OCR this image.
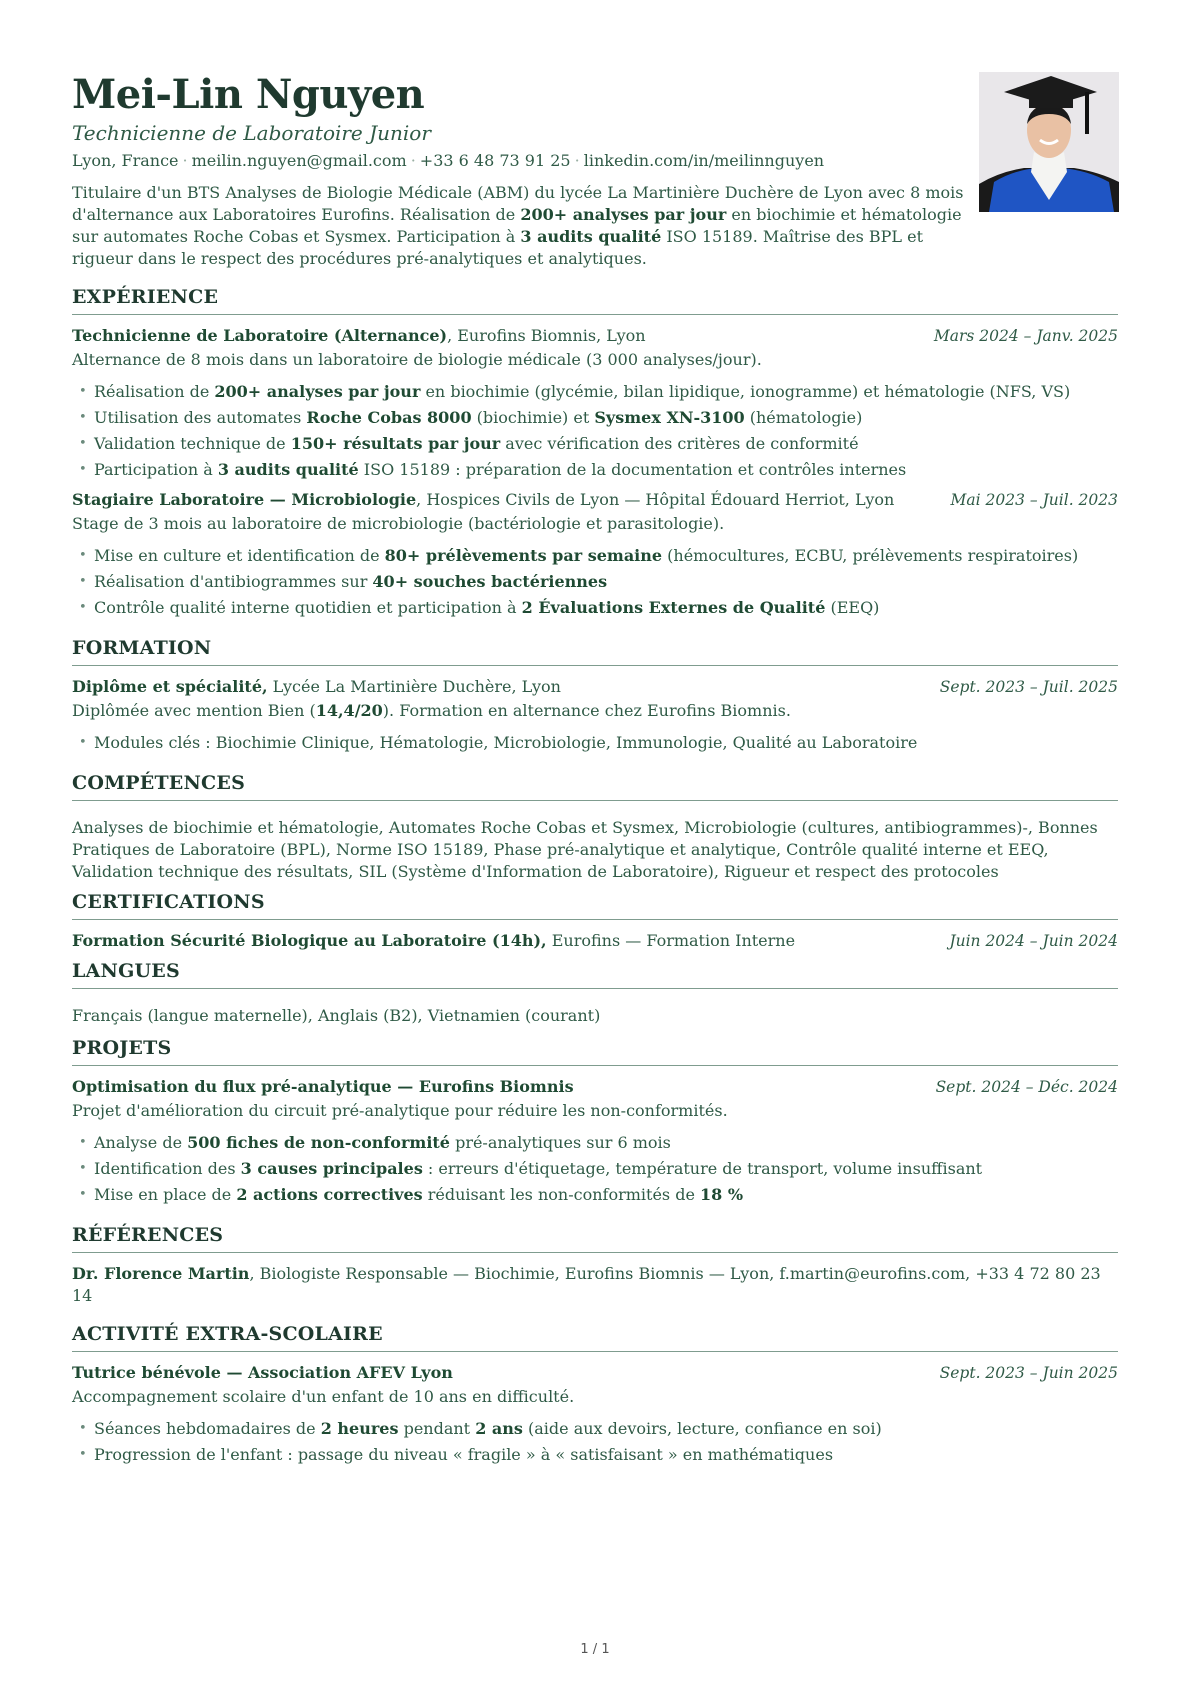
Mei-Lin Nguyen
Technicienne de Laboratoire Junior
Lyon, France · meilin.nguyen@gmail.com · +33 6 48 73 91 25 · linkedin.com/in/meilinnguyen
Titulaire d'un BTS Analyses de Biologie Médicale (ABM) du lycée La Martinière Duchère de Lyon avec 8 mois d'alternance aux Laboratoires Eurofins. Réalisation de 200+ analyses par jour en biochimie et hématologie sur automates Roche Cobas et Sysmex. Participation à 3 audits qualité ISO 15189. Maîtrise des BPL et rigueur dans le respect des procédures pré-analytiques et analytiques.
EXPÉRIENCE
Technicienne de Laboratoire (Alternance), Eurofins Biomnis, Lyon	Mars 2024 – Janv. 2025
Alternance de 8 mois dans un laboratoire de biologie médicale (3 000 analyses/jour).
• Réalisation de 200+ analyses par jour en biochimie (glycémie, bilan lipidique, ionogramme) et hématologie (NFS, VS)
• Utilisation des automates Roche Cobas 8000 (biochimie) et Sysmex XN-3100 (hématologie)
• Validation technique de 150+ résultats par jour avec vérification des critères de conformité
• Participation à 3 audits qualité ISO 15189 : préparation de la documentation et contrôles internes
Stagiaire Laboratoire — Microbiologie, Hospices Civils de Lyon — Hôpital Édouard Herriot, Lyon	Mai 2023 – Juil. 2023
Stage de 3 mois au laboratoire de microbiologie (bactériologie et parasitologie).
• Mise en culture et identification de 80+ prélèvements par semaine (hémocultures, ECBU, prélèvements respiratoires)
• Réalisation d'antibiogrammes sur 40+ souches bactériennes
• Contrôle qualité interne quotidien et participation à 2 Évaluations Externes de Qualité (EEQ)
FORMATION
Diplôme et spécialité, Lycée La Martinière Duchère, Lyon	Sept. 2023 – Juil. 2025
Diplômée avec mention Bien (14,4/20). Formation en alternance chez Eurofins Biomnis.
• Modules clés : Biochimie Clinique, Hématologie, Microbiologie, Immunologie, Qualité au Laboratoire
COMPÉTENCES
Analyses de biochimie et hématologie, Automates Roche Cobas et Sysmex, Microbiologie (cultures, antibiogrammes)-, Bonnes Pratiques de Laboratoire (BPL), Norme ISO 15189, Phase pré-analytique et analytique, Contrôle qualité interne et EEQ, Validation technique des résultats, SIL (Système d'Information de Laboratoire), Rigueur et respect des protocoles
CERTIFICATIONS
Formation Sécurité Biologique au Laboratoire (14h), Eurofins — Formation Interne	Juin 2024 – Juin 2024
LANGUES
Français (langue maternelle), Anglais (B2), Vietnamien (courant)
PROJETS
Optimisation du flux pré-analytique — Eurofins Biomnis	Sept. 2024 – Déc. 2024
Projet d'amélioration du circuit pré-analytique pour réduire les non-conformités.
• Analyse de 500 fiches de non-conformité pré-analytiques sur 6 mois
• Identification des 3 causes principales : erreurs d'étiquetage, température de transport, volume insuffisant
• Mise en place de 2 actions correctives réduisant les non-conformités de 18 %
RÉFÉRENCES
Dr. Florence Martin, Biologiste Responsable — Biochimie, Eurofins Biomnis — Lyon, f.martin@eurofins.com, +33 4 72 80 23 14
ACTIVITÉ EXTRA-SCOLAIRE
Tutrice bénévole — Association AFEV Lyon	Sept. 2023 – Juin 2025
Accompagnement scolaire d'un enfant de 10 ans en difficulté.
• Séances hebdomadaires de 2 heures pendant 2 ans (aide aux devoirs, lecture, confiance en soi)
• Progression de l'enfant : passage du niveau « fragile » à « satisfaisant » en mathématiques
1 / 1
